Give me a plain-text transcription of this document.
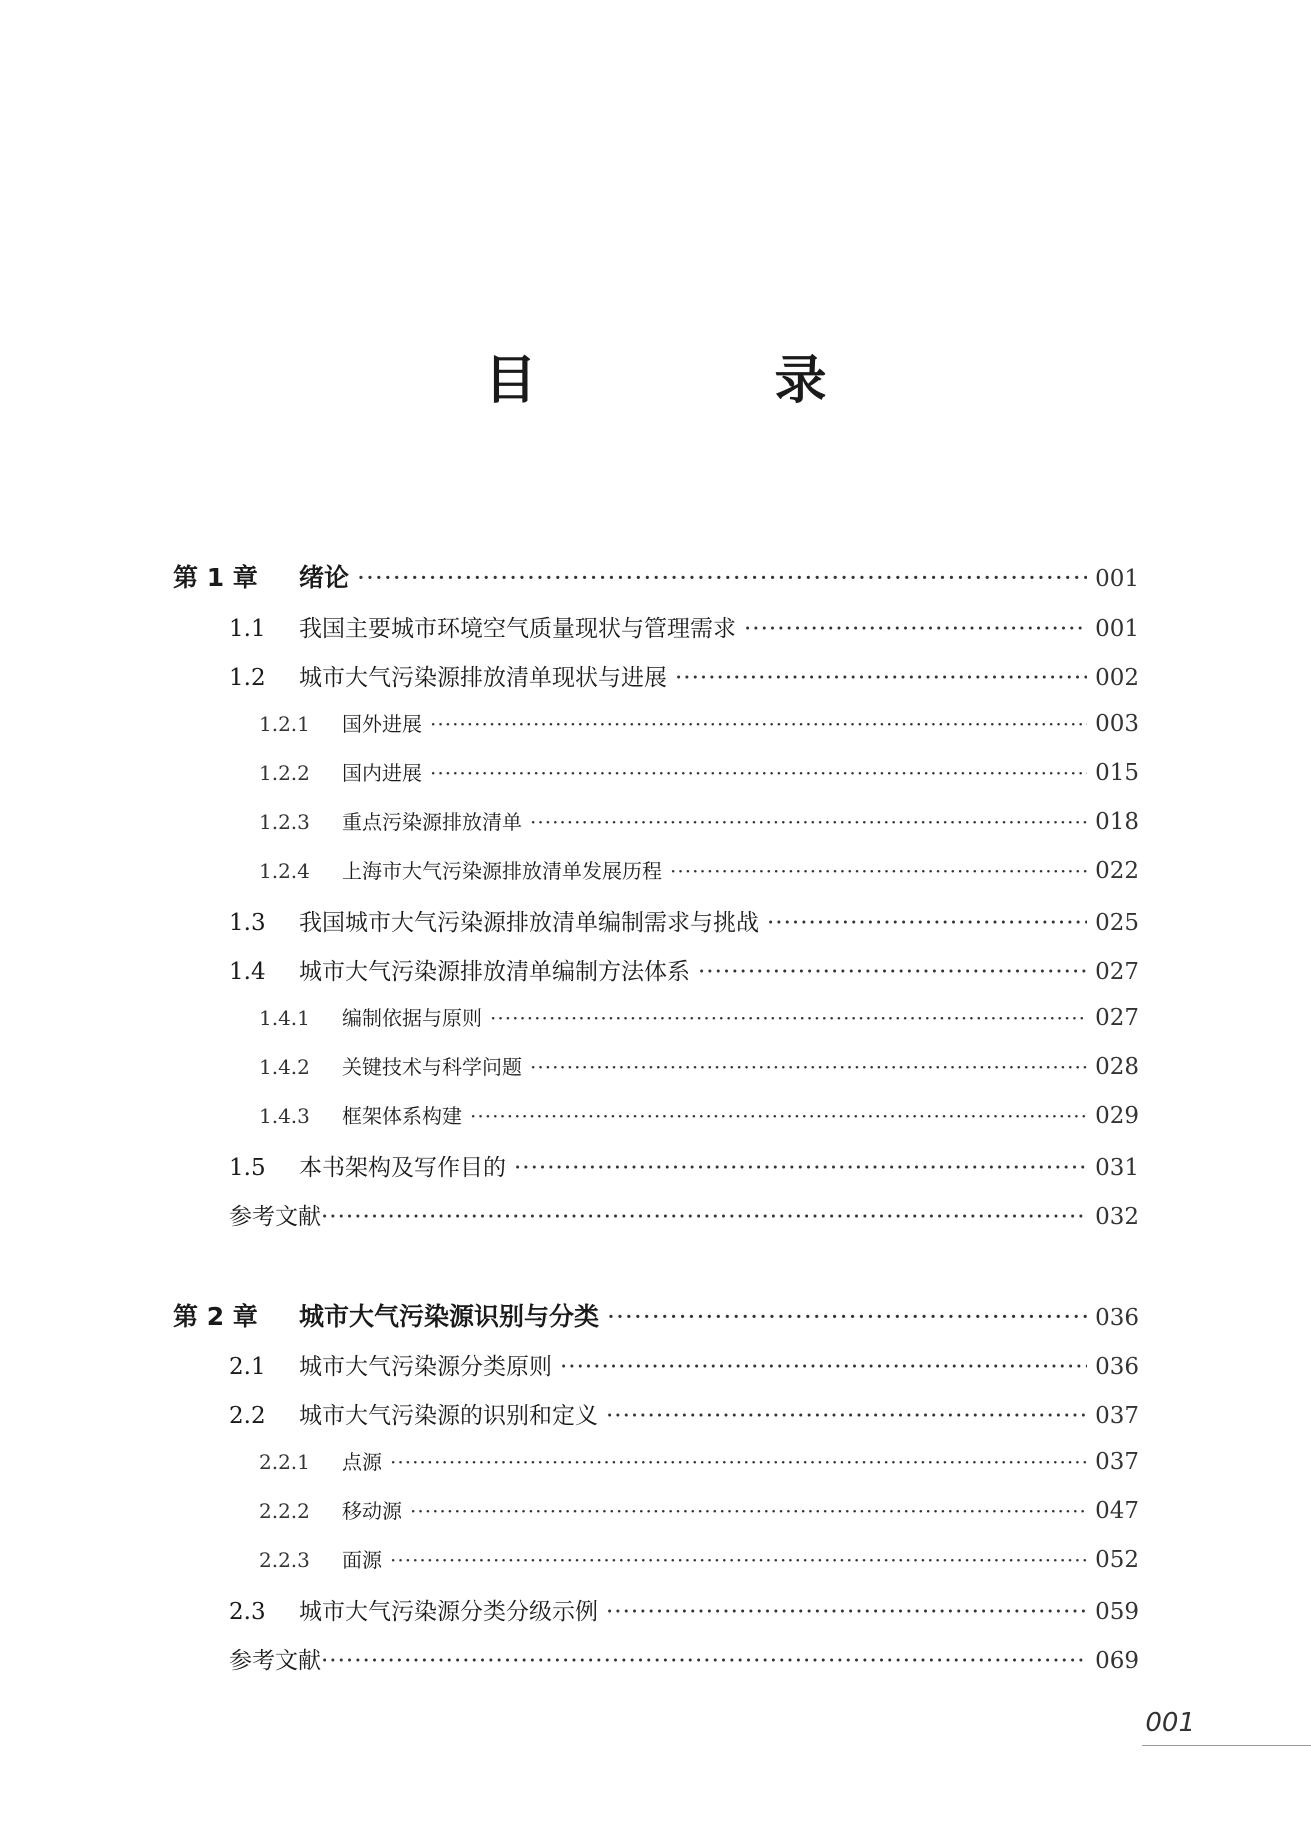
目 录
第 1 章	绪论 ·····	001
1.1	我国主要城市环境空气质量现状与管理需求 ·····	001
1.2	城市大气污染源排放清单现状与进展 ·····	002
1.2.1	国外进展 ·····	003
1.2.2	国内进展 ·····	015
1.2.3	重点污染源排放清单 ·····	018
1.2.4	上海市大气污染源排放清单发展历程 ·····	022
1.3	我国城市大气污染源排放清单编制需求与挑战 ·····	025
1.4	城市大气污染源排放清单编制方法体系 ·····	027
1.4.1	编制依据与原则 ·····	027
1.4.2	关键技术与科学问题 ·····	028
1.4.3	框架体系构建 ·····	029
1.5	本书架构及写作目的 ·····	031
参考文献 ·····	032
第 2 章	城市大气污染源识别与分类 ·····	036
2.1	城市大气污染源分类原则 ·····	036
2.2	城市大气污染源的识别和定义 ·····	037
2.2.1	点源 ·····	037
2.2.2	移动源 ·····	047
2.2.3	面源 ·····	052
2.3	城市大气污染源分类分级示例 ·····	059
参考文献 ·····	069
001
